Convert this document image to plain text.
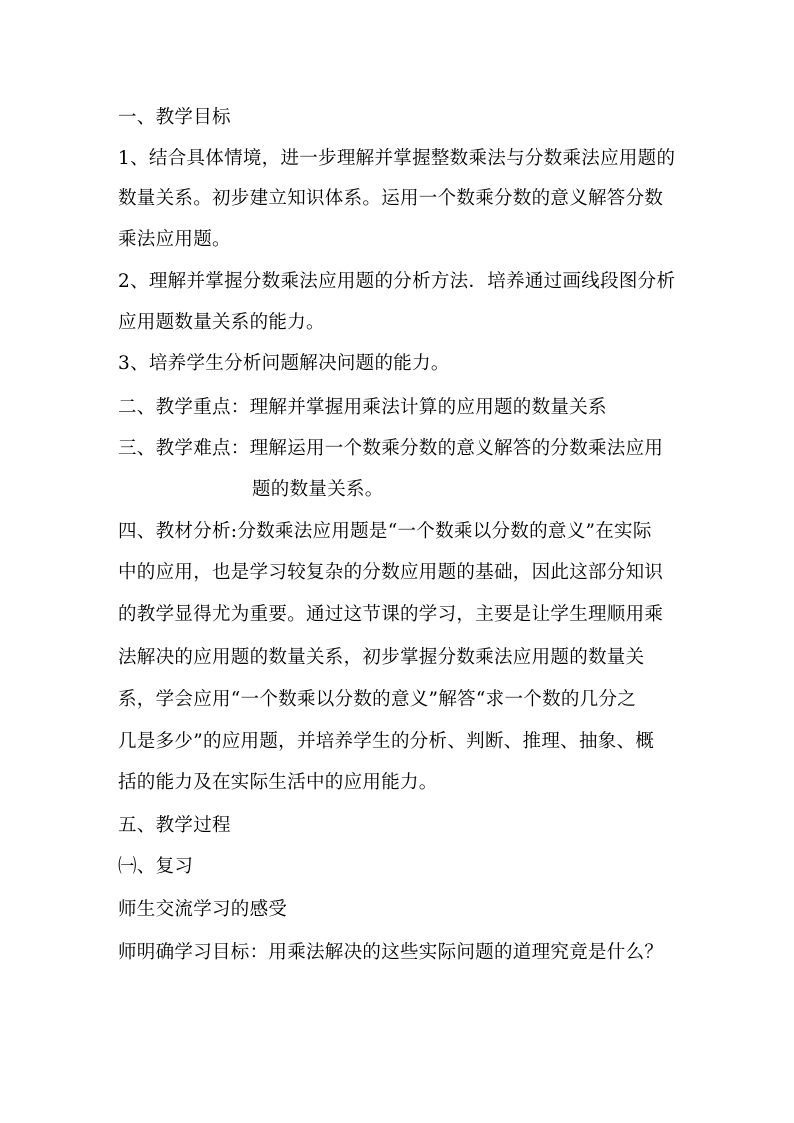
一、教学目标
1、结合具体情境，进一步理解并掌握整数乘法与分数乘法应用题的
数量关系。初步建立知识体系。运用一个数乘分数的意义解答分数
乘法应用题。
2、理解并掌握分数乘法应用题的分析方法．培养通过画线段图分析
应用题数量关系的能力。
3、培养学生分析问题解决问题的能力。
二、教学重点：理解并掌握用乘法计算的应用题的数量关系
三、教学难点：理解运用一个数乘分数的意义解答的分数乘法应用
题的数量关系。
四、教材分析:分数乘法应用题是“一个数乘以分数的意义”在实际
中的应用，也是学习较复杂的分数应用题的基础，因此这部分知识
的教学显得尤为重要。通过这节课的学习，主要是让学生理顺用乘
法解决的应用题的数量关系，初步掌握分数乘法应用题的数量关
系，学会应用“一个数乘以分数的意义”解答“求一个数的几分之
几是多少”的应用题，并培养学生的分析、判断、推理、抽象、概
括的能力及在实际生活中的应用能力。
五、教学过程
㈠、复习
师生交流学习的感受
师明确学习目标：用乘法解决的这些实际问题的道理究竟是什么？
